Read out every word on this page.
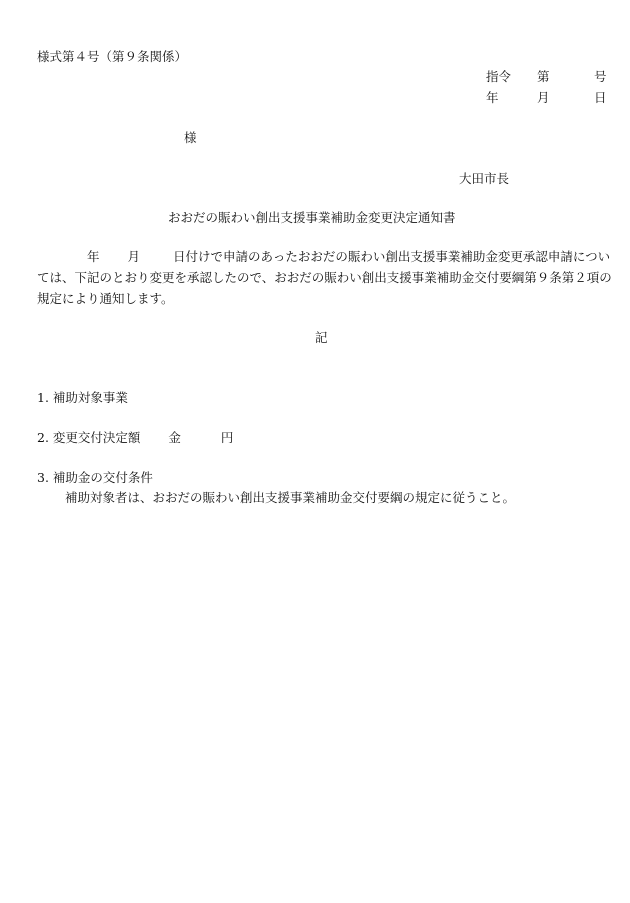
様式第４号（第９条関係）
指令 第	号
年	月	日
様
大田市長
おおだの賑わい創出支援事業補助金変更決定通知書
年 月	日付けで申請のあったおおだの賑わい創出支援事業補助金変更承認申請については、下記のとおり変更を承認したので、おおだの賑わい創出支援事業補助金交付要綱第９条第２項の規定により通知します。
記
1. 補助対象事業
2. 変更交付決定額 金	円
3. 補助金の交付条件
補助対象者は、おおだの賑わい創出支援事業補助金交付要綱の規定に従うこと。
